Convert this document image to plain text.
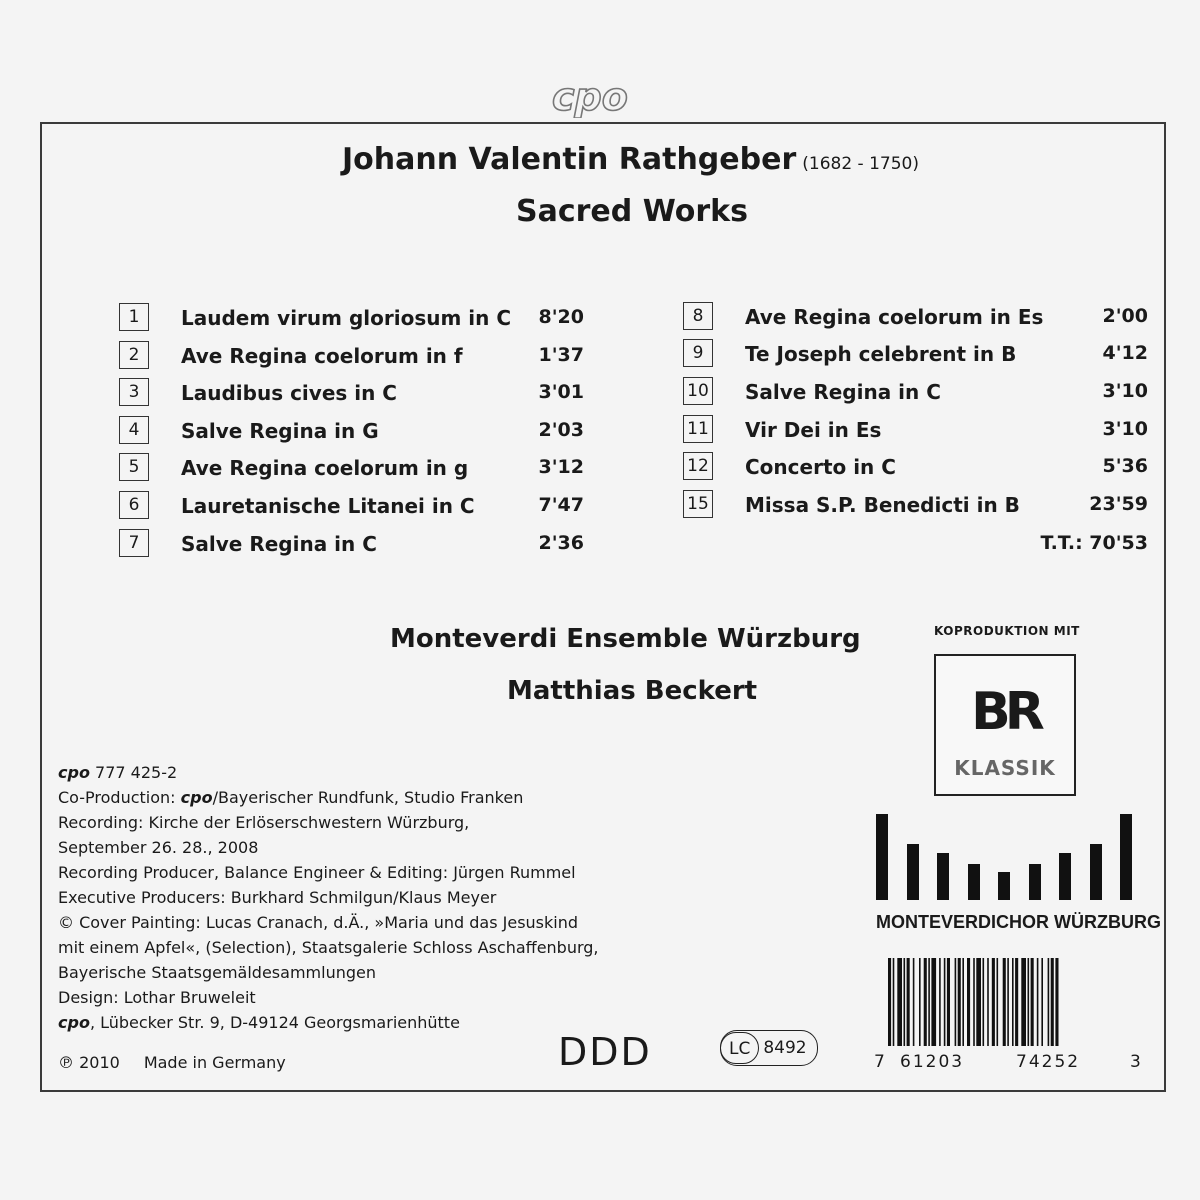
cpo
Johann Valentin Rathgeber (1682 - 1750)
Sacred Works
1	Laudem virum gloriosum in C	8'20
2	Ave Regina coelorum in f	1'37
3	Laudibus cives in C	3'01
4	Salve Regina in G	2'03
5	Ave Regina coelorum in g	3'12
6	Lauretanische Litanei in C	7'47
7	Salve Regina in C	2'36
8	Ave Regina coelorum in Es	2'00
9	Te Joseph celebrent in B	4'12
10 Salve Regina in C	3'10
11 Vir Dei in Es	3'10
12 Concerto in C	5'36
15 Missa S.P. Benedicti in B	23'59
T.T.: 70'53
Monteverdi Ensemble Würzburg
Matthias Beckert
cpo 777 425-2
Co-Production: cpo/Bayerischer Rundfunk, Studio Franken
Recording: Kirche der Erlöserschwestern Würzburg,
September 26. 28., 2008
Recording Producer, Balance Engineer & Editing: Jürgen Rummel
Executive Producers: Burkhard Schmilgun/Klaus Meyer
© Cover Painting: Lucas Cranach, d.Ä., »Maria und das Jesuskind
mit einem Apfel«, (Selection), Staatsgalerie Schloss Aschaffenburg,
Bayerische Staatsgemäldesammlungen
Design: Lothar Bruweleit
cpo, Lübecker Str. 9, D-49124 Georgsmarienhütte
℗ 2010 Made in Germany	DDD	LC 8492
KOPRODUKTION MIT
BR
KLASSIK
MONTEVERDICHOR WÜRZBURG
7 61203	74252	3
